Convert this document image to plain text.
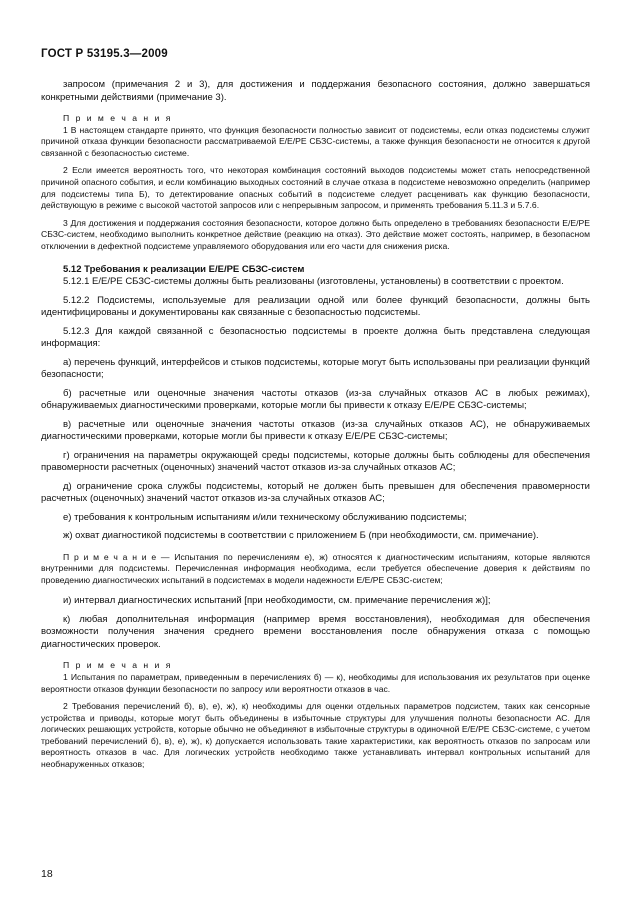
ГОСТ Р 53195.3—2009

запросом (примечания 2 и 3), для достижения и поддержания безопасного состояния, должно завершаться конкретными действиями (примечание 3).

П р и м е ч а н и я

1 В настоящем стандарте принято, что функция безопасности полностью зависит от подсистемы, если отказ подсистемы служит причиной отказа функции безопасности рассматриваемой Е/Е/РЕ СБЗС-системы, а также функция безопасности не относится к другой связанной с безопасностью системе.

2 Если имеется вероятность того, что некоторая комбинация состояний выходов подсистемы может стать непосредственной причиной опасного события, и если комбинацию выходных состояний в случае отказа в подсистеме невозможно определить (например для подсистемы типа Б), то детектирование опасных событий в подсистеме следует расценивать как функцию безопасности, действующую в режиме с высокой частотой запросов или с непрерывным запросом, и применять требования 5.11.3 и 5.7.6.

3 Для достижения и поддержания состояния безопасности, которое должно быть определено в требованиях безопасности Е/Е/РЕ СБЗС-систем, необходимо выполнить конкретное действие (реакцию на отказ). Это действие может состоять, например, в безопасном отключении в дефектной подсистеме управляемого оборудования или его части для снижения риска.

5.12 Требования к реализации Е/Е/РЕ СБЗС-систем

5.12.1 Е/Е/РЕ СБЗС-системы должны быть реализованы (изготовлены, установлены) в соответствии с проектом.

5.12.2 Подсистемы, используемые для реализации одной или более функций безопасности, должны быть идентифицированы и документированы как связанные с безопасностью подсистемы.

5.12.3 Для каждой связанной с безопасностью подсистемы в проекте должна быть представлена следующая информация:

а) перечень функций, интерфейсов и стыков подсистемы, которые могут быть использованы при реализации функций безопасности;

б) расчетные или оценочные значения частоты отказов (из-за случайных отказов АС в любых режимах), обнаруживаемых диагностическими проверками, которые могли бы привести к отказу Е/Е/РЕ СБЗС-системы;

в) расчетные или оценочные значения частоты отказов (из-за случайных отказов АС), не обнаруживаемых диагностическими проверками, которые могли бы привести к отказу Е/Е/РЕ СБЗС-системы;

г) ограничения на параметры окружающей среды подсистемы, которые должны быть соблюдены для обеспечения правомерности расчетных (оценочных) значений частот отказов из-за случайных отказов АС;

д) ограничение срока службы подсистемы, который не должен быть превышен для обеспечения правомерности расчетных (оценочных) значений частот отказов из-за случайных отказов АС;

е) требования к контрольным испытаниям и/или техническому обслуживанию подсистемы;

ж) охват диагностикой подсистемы в соответствии с приложением Б (при необходимости, см. примечание).

П р и м е ч а н и е — Испытания по перечислениям е), ж) относятся к диагностическим испытаниям, которые являются внутренними для подсистемы. Перечисленная информация необходима, если требуется обеспечение доверия к действиям по проведению диагностических испытаний в подсистемах в модели надежности Е/Е/РЕ СБЗС-систем;

и) интервал диагностических испытаний [при необходимости, см. примечание перечисления ж)];

к) любая дополнительная информация (например время восстановления), необходимая для обеспечения возможности получения значения среднего времени восстановления после обнаружения отказа с помощью диагностических проверок.

П р и м е ч а н и я

1 Испытания по параметрам, приведенным в перечислениях б) — к), необходимы для использования их результатов при оценке вероятности отказов функции безопасности по запросу или вероятности отказов в час.

2 Требования перечислений б), в), е), ж), к) необходимы для оценки отдельных параметров подсистем, таких как сенсорные устройства и приводы, которые могут быть объединены в избыточные структуры для улучшения полноты безопасности АС. Для логических решающих устройств, которые обычно не объединяют в избыточные структуры в одиночной Е/Е/РЕ СБЗС-системе, с учетом требований перечислений б), в), е), ж), к) допускается использовать такие характеристики, как вероятность отказов по запросам или вероятность отказов в час. Для логических устройств необходимо также устанавливать интервал контрольных испытаний для необнаруженных отказов;

18
